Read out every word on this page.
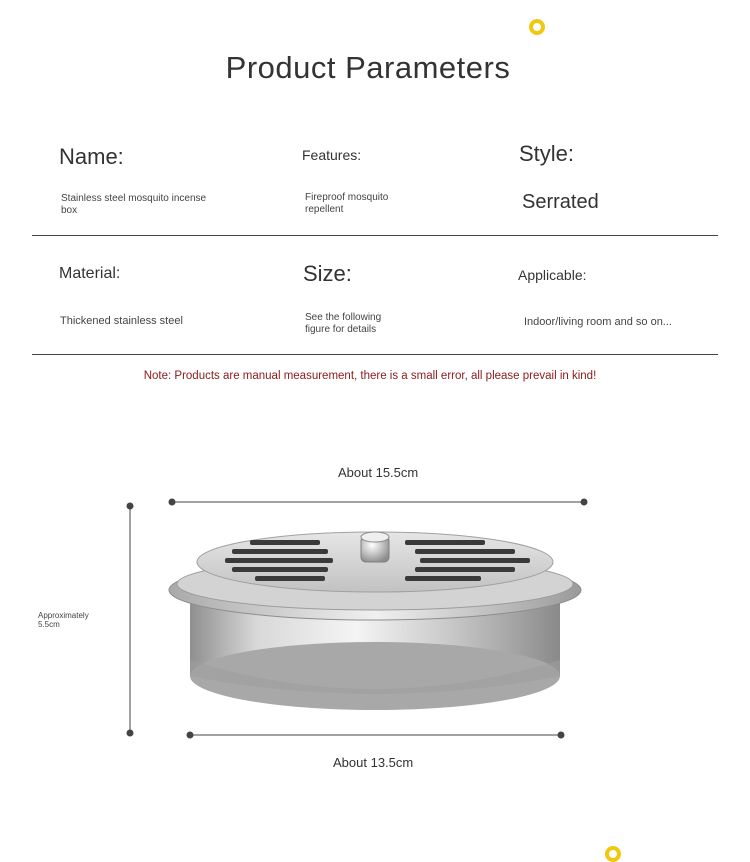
Product Parameters
Name:
Stainless steel mosquito incense box
Features:
Fireproof mosquito repellent
Style:
Serrated
Material:
Thickened stainless steel
Size:
See the following figure for details
Applicable:
Indoor/living room and so on...
Note: Products are manual measurement, there is a small error, all please prevail in kind!
About 15.5cm
About 13.5cm
Approximately 5.5cm
